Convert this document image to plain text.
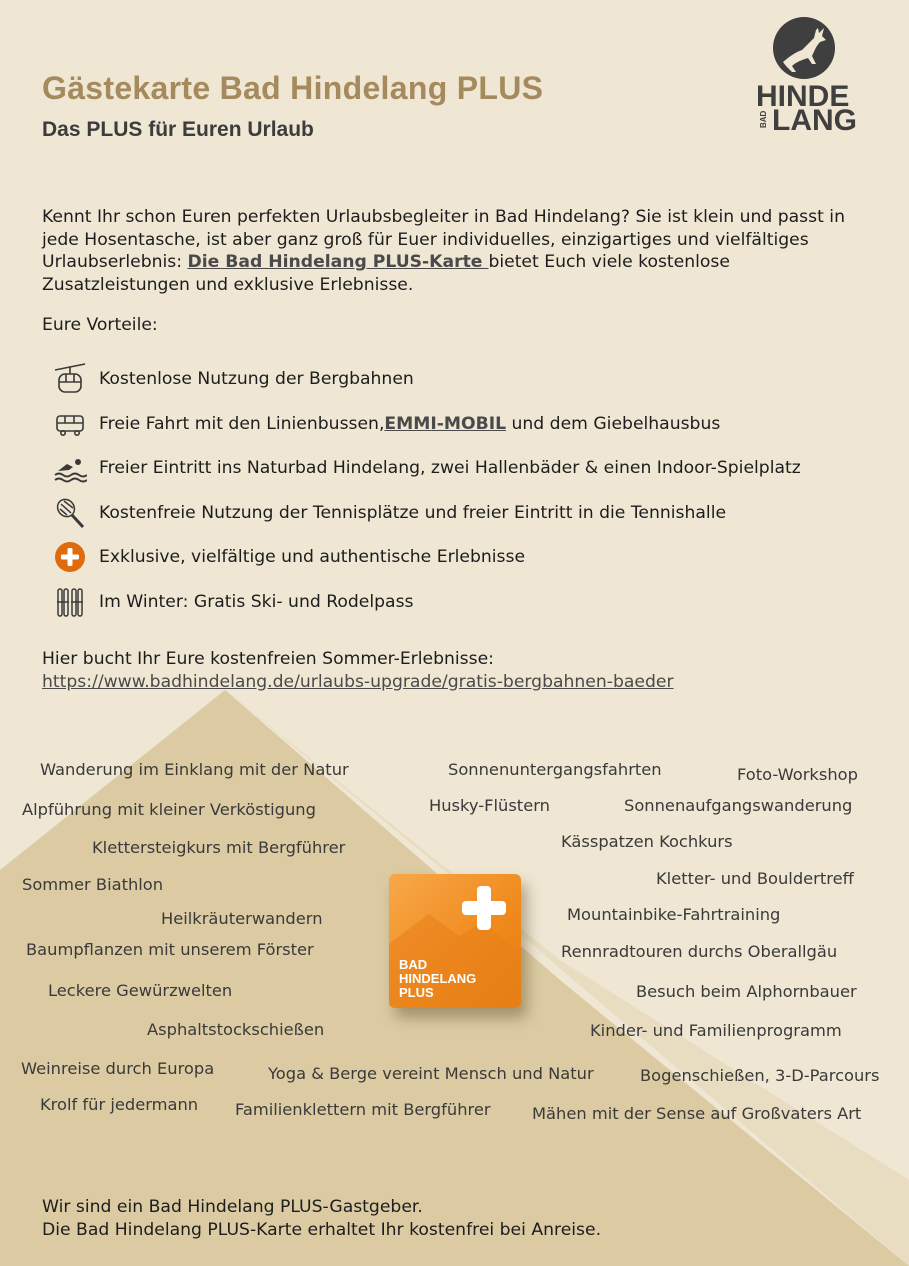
Gästekarte Bad Hindelang PLUS
Das PLUS für Euren Urlaub
HINDE
LANG
BAD

Kennt Ihr schon Euren perfekten Urlaubsbegleiter in Bad Hindelang? Sie ist klein und passt in jede Hosentasche, ist aber ganz groß für Euer individuelles, einzigartiges und vielfältiges Urlaubserlebnis: Die Bad Hindelang PLUS-Karte bietet Euch viele kostenlose Zusatzleistungen und exklusive Erlebnisse.

Eure Vorteile:
Kostenlose Nutzung der Bergbahnen
Freie Fahrt mit den Linienbussen, EMMI-MOBIL und dem Giebelhausbus
Freier Eintritt ins Naturbad Hindelang, zwei Hallenbäder & einen Indoor-Spielplatz
Kostenfreie Nutzung der Tennisplätze und freier Eintritt in die Tennishalle
Exklusive, vielfältige und authentische Erlebnisse
Im Winter: Gratis Ski- und Rodelpass
Hier bucht Ihr Eure kostenfreien Sommer-Erlebnisse:
https://www.badhindelang.de/urlaubs-upgrade/gratis-bergbahnen-baeder
Wanderung im Einklang mit der Natur	Sonnenuntergangsfahrten	Foto-Workshop
Alpführung mit kleiner Verköstigung	Husky-Flüstern	Sonnenaufgangswanderung
Klettersteigkurs mit Bergführer	Kässpatzen Kochkurs
Sommer Biathlon	Kletter- und Bouldertreff
Heilkräuterwandern	Mountainbike-Fahrtraining
Baumpflanzen mit unserem Förster	Rennradtouren durchs Oberallgäu
Leckere Gewürzwelten	Besuch beim Alphornbauer
Asphaltstockschießen	Kinder- und Familienprogramm
Weinreise durch Europa	Yoga & Berge vereint Mensch und Natur	Bogenschießen, 3-D-Parcours
Krolf für jedermann Familienklettern mit Bergführer	Mähen mit der Sense auf Großvaters Art
BAD
HINDELANG
PLUS
Wir sind ein Bad Hindelang PLUS-Gastgeber.
Die Bad Hindelang PLUS-Karte erhaltet Ihr kostenfrei bei Anreise.
